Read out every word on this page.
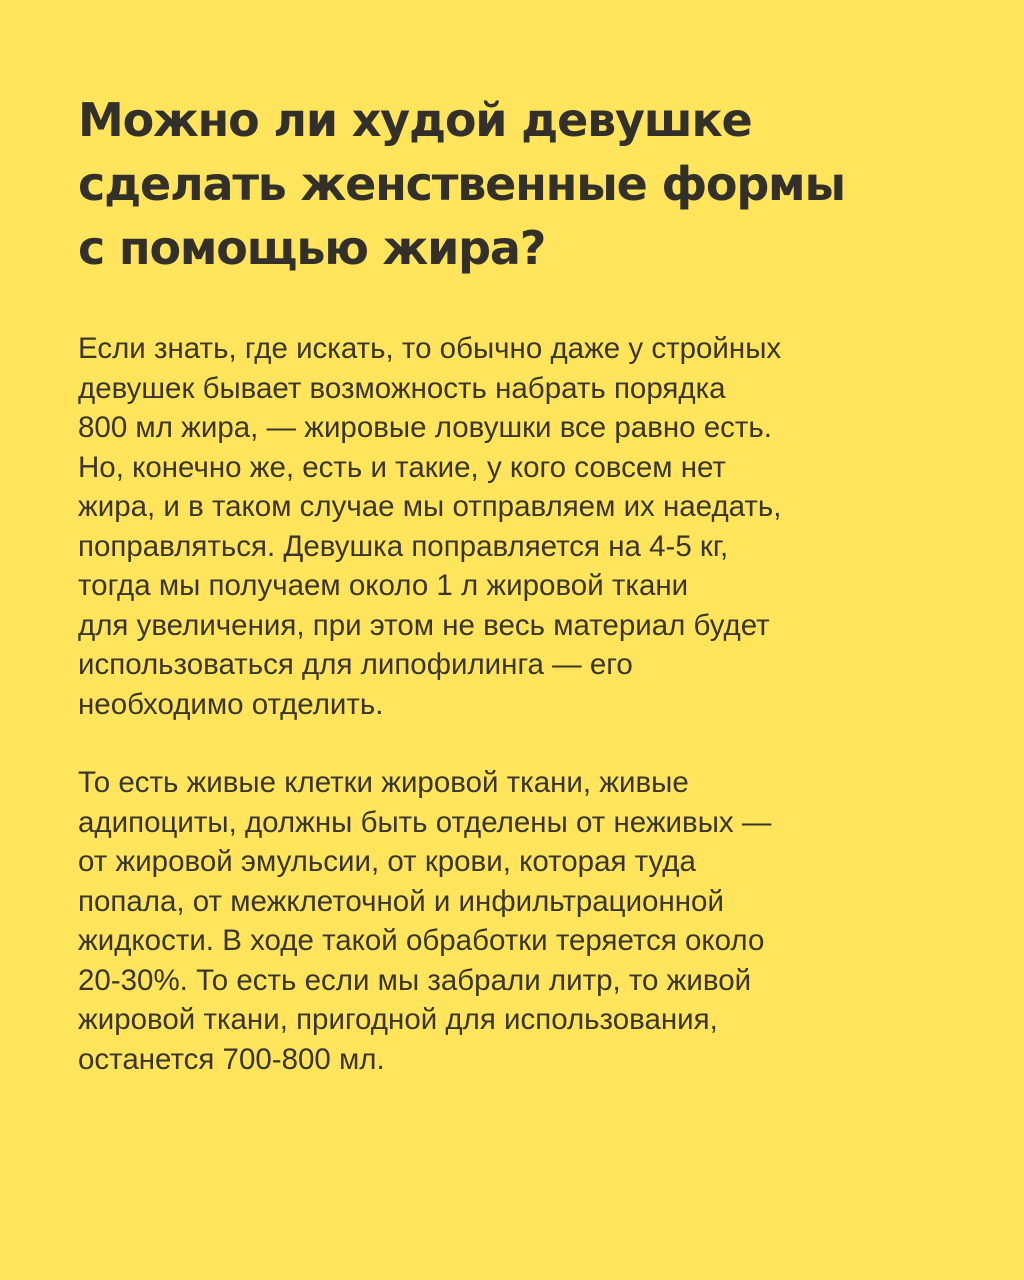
Можно ли худой девушке
сделать женственные формы
с помощью жира?

Если знать, где искать, то обычно даже у стройных
девушек бывает возможность набрать порядка
800 мл жира, — жировые ловушки все равно есть.
Но, конечно же, есть и такие, у кого совсем нет
жира, и в таком случае мы отправляем их наедать,
поправляться. Девушка поправляется на 4-5 кг,
тогда мы получаем около 1 л жировой ткани
для увеличения, при этом не весь материал будет
использоваться для липофилинга — его
необходимо отделить.

То есть живые клетки жировой ткани, живые
адипоциты, должны быть отделены от неживых —
от жировой эмульсии, от крови, которая туда
попала, от межклеточной и инфильтрационной
жидкости. В ходе такой обработки теряется около
20-30%. То есть если мы забрали литр, то живой
жировой ткани, пригодной для использования,
останется 700-800 мл.
